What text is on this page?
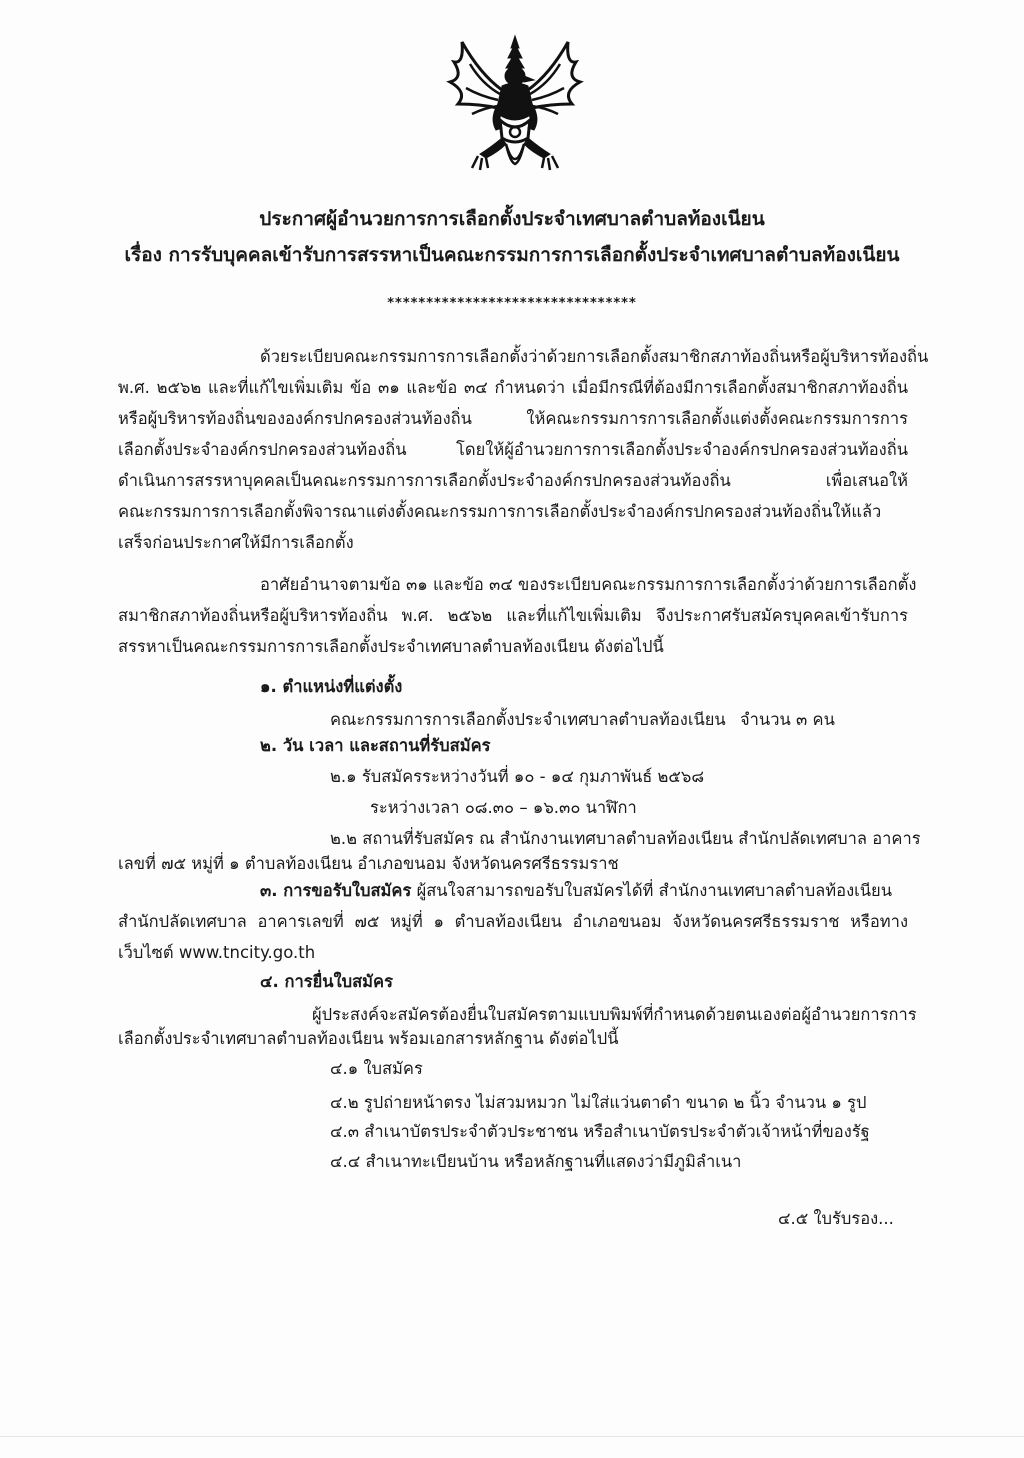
ประกาศผู้อำนวยการการเลือกตั้งประจำเทศบาลตำบลท้องเนียน
เรื่อง การรับบุคคลเข้ารับการสรรหาเป็นคณะกรรมการการเลือกตั้งประจำเทศบาลตำบลท้องเนียน
********************************
ด้วยระเบียบคณะกรรมการการเลือกตั้งว่าด้วยการเลือกตั้งสมาชิกสภาท้องถิ่นหรือผู้บริหารท้องถิ่น
พ.ศ. ๒๕๖๒ และที่แก้ไขเพิ่มเติม ข้อ ๓๑ และข้อ ๓๔ กำหนดว่า เมื่อมีกรณีที่ต้องมีการเลือกตั้งสมาชิกสภาท้องถิ่น
หรือผู้บริหารท้องถิ่นขององค์กรปกครองส่วนท้องถิ่น ให้คณะกรรมการการเลือกตั้งแต่งตั้งคณะกรรมการการ
เลือกตั้งประจำองค์กรปกครองส่วนท้องถิ่น โดยให้ผู้อำนวยการการเลือกตั้งประจำองค์กรปกครองส่วนท้องถิ่น
ดำเนินการสรรหาบุคคลเป็นคณะกรรมการการเลือกตั้งประจำองค์กรปกครองส่วนท้องถิ่น เพื่อเสนอให้
คณะกรรมการการเลือกตั้งพิจารณาแต่งตั้งคณะกรรมการการเลือกตั้งประจำองค์กรปกครองส่วนท้องถิ่นให้แล้ว
เสร็จก่อนประกาศให้มีการเลือกตั้ง
อาศัยอำนาจตามข้อ ๓๑ และข้อ ๓๔ ของระเบียบคณะกรรมการการเลือกตั้งว่าด้วยการเลือกตั้ง
สมาชิกสภาท้องถิ่นหรือผู้บริหารท้องถิ่น พ.ศ. ๒๕๖๒ และที่แก้ไขเพิ่มเติม จึงประกาศรับสมัครบุคคลเข้ารับการ
สรรหาเป็นคณะกรรมการการเลือกตั้งประจำเทศบาลตำบลท้องเนียน ดังต่อไปนี้
๑. ตำแหน่งที่แต่งตั้ง
คณะกรรมการการเลือกตั้งประจำเทศบาลตำบลท้องเนียน จำนวน ๓ คน
๒. วัน เวลา และสถานที่รับสมัคร
๒.๑ รับสมัครระหว่างวันที่ ๑๐ - ๑๔ กุมภาพันธ์ ๒๕๖๘
ระหว่างเวลา ๐๘.๓๐ – ๑๖.๓๐ นาฬิกา
๒.๒ สถานที่รับสมัคร ณ สำนักงานเทศบาลตำบลท้องเนียน สำนักปลัดเทศบาล อาคาร
เลขที่ ๗๕ หมู่ที่ ๑ ตำบลท้องเนียน อำเภอขนอม จังหวัดนครศรีธรรมราช
๓. การขอรับใบสมัคร ผู้สนใจสามารถขอรับใบสมัครได้ที่ สำนักงานเทศบาลตำบลท้องเนียน
สำนักปลัดเทศบาล อาคารเลขที่ ๗๕ หมู่ที่ ๑ ตำบลท้องเนียน อำเภอขนอม จังหวัดนครศรีธรรมราช หรือทาง
เว็บไซต์ www.tncity.go.th
๔. การยื่นใบสมัคร
ผู้ประสงค์จะสมัครต้องยื่นใบสมัครตามแบบพิมพ์ที่กำหนดด้วยตนเองต่อผู้อำนวยการการ
เลือกตั้งประจำเทศบาลตำบลท้องเนียน พร้อมเอกสารหลักฐาน ดังต่อไปนี้
๔.๑ ใบสมัคร
๔.๒ รูปถ่ายหน้าตรง ไม่สวมหมวก ไม่ใส่แว่นตาดำ ขนาด ๒ นิ้ว จำนวน ๑ รูป
๔.๓ สำเนาบัตรประจำตัวประชาชน หรือสำเนาบัตรประจำตัวเจ้าหน้าที่ของรัฐ
๔.๔ สำเนาทะเบียนบ้าน หรือหลักฐานที่แสดงว่ามีภูมิลำเนา
๔.๕ ใบรับรอง...
